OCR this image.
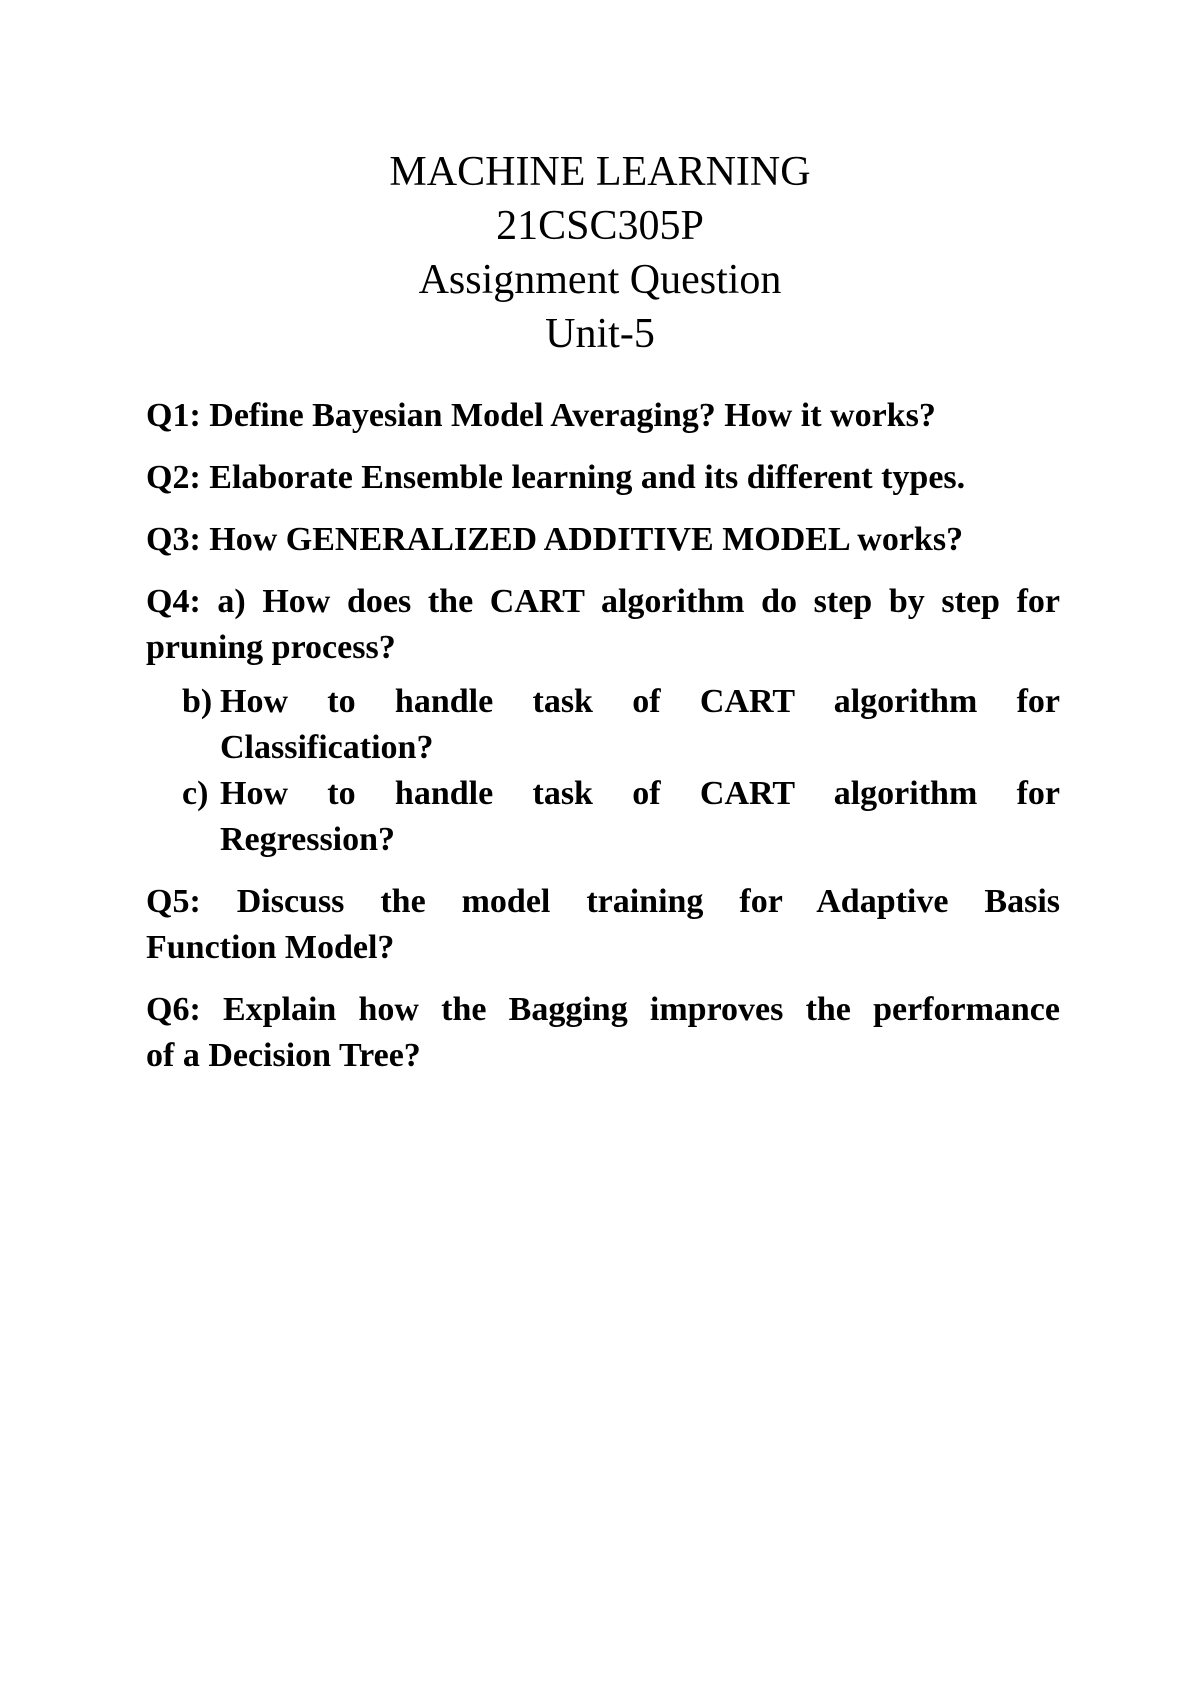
MACHINE LEARNING
21CSC305P
Assignment Question
Unit-5
Q1: Define Bayesian Model Averaging? How it works?
Q2: Elaborate Ensemble learning and its different types.
Q3: How GENERALIZED ADDITIVE MODEL works?
Q4: a) How does the CART algorithm do step by step for
pruning process?
b) How to handle task of CART algorithm for
Classification?
c) How to handle task of CART algorithm for
Regression?
Q5: Discuss the model training for Adaptive Basis
Function Model?
Q6: Explain how the Bagging improves the performance
of a Decision Tree?
